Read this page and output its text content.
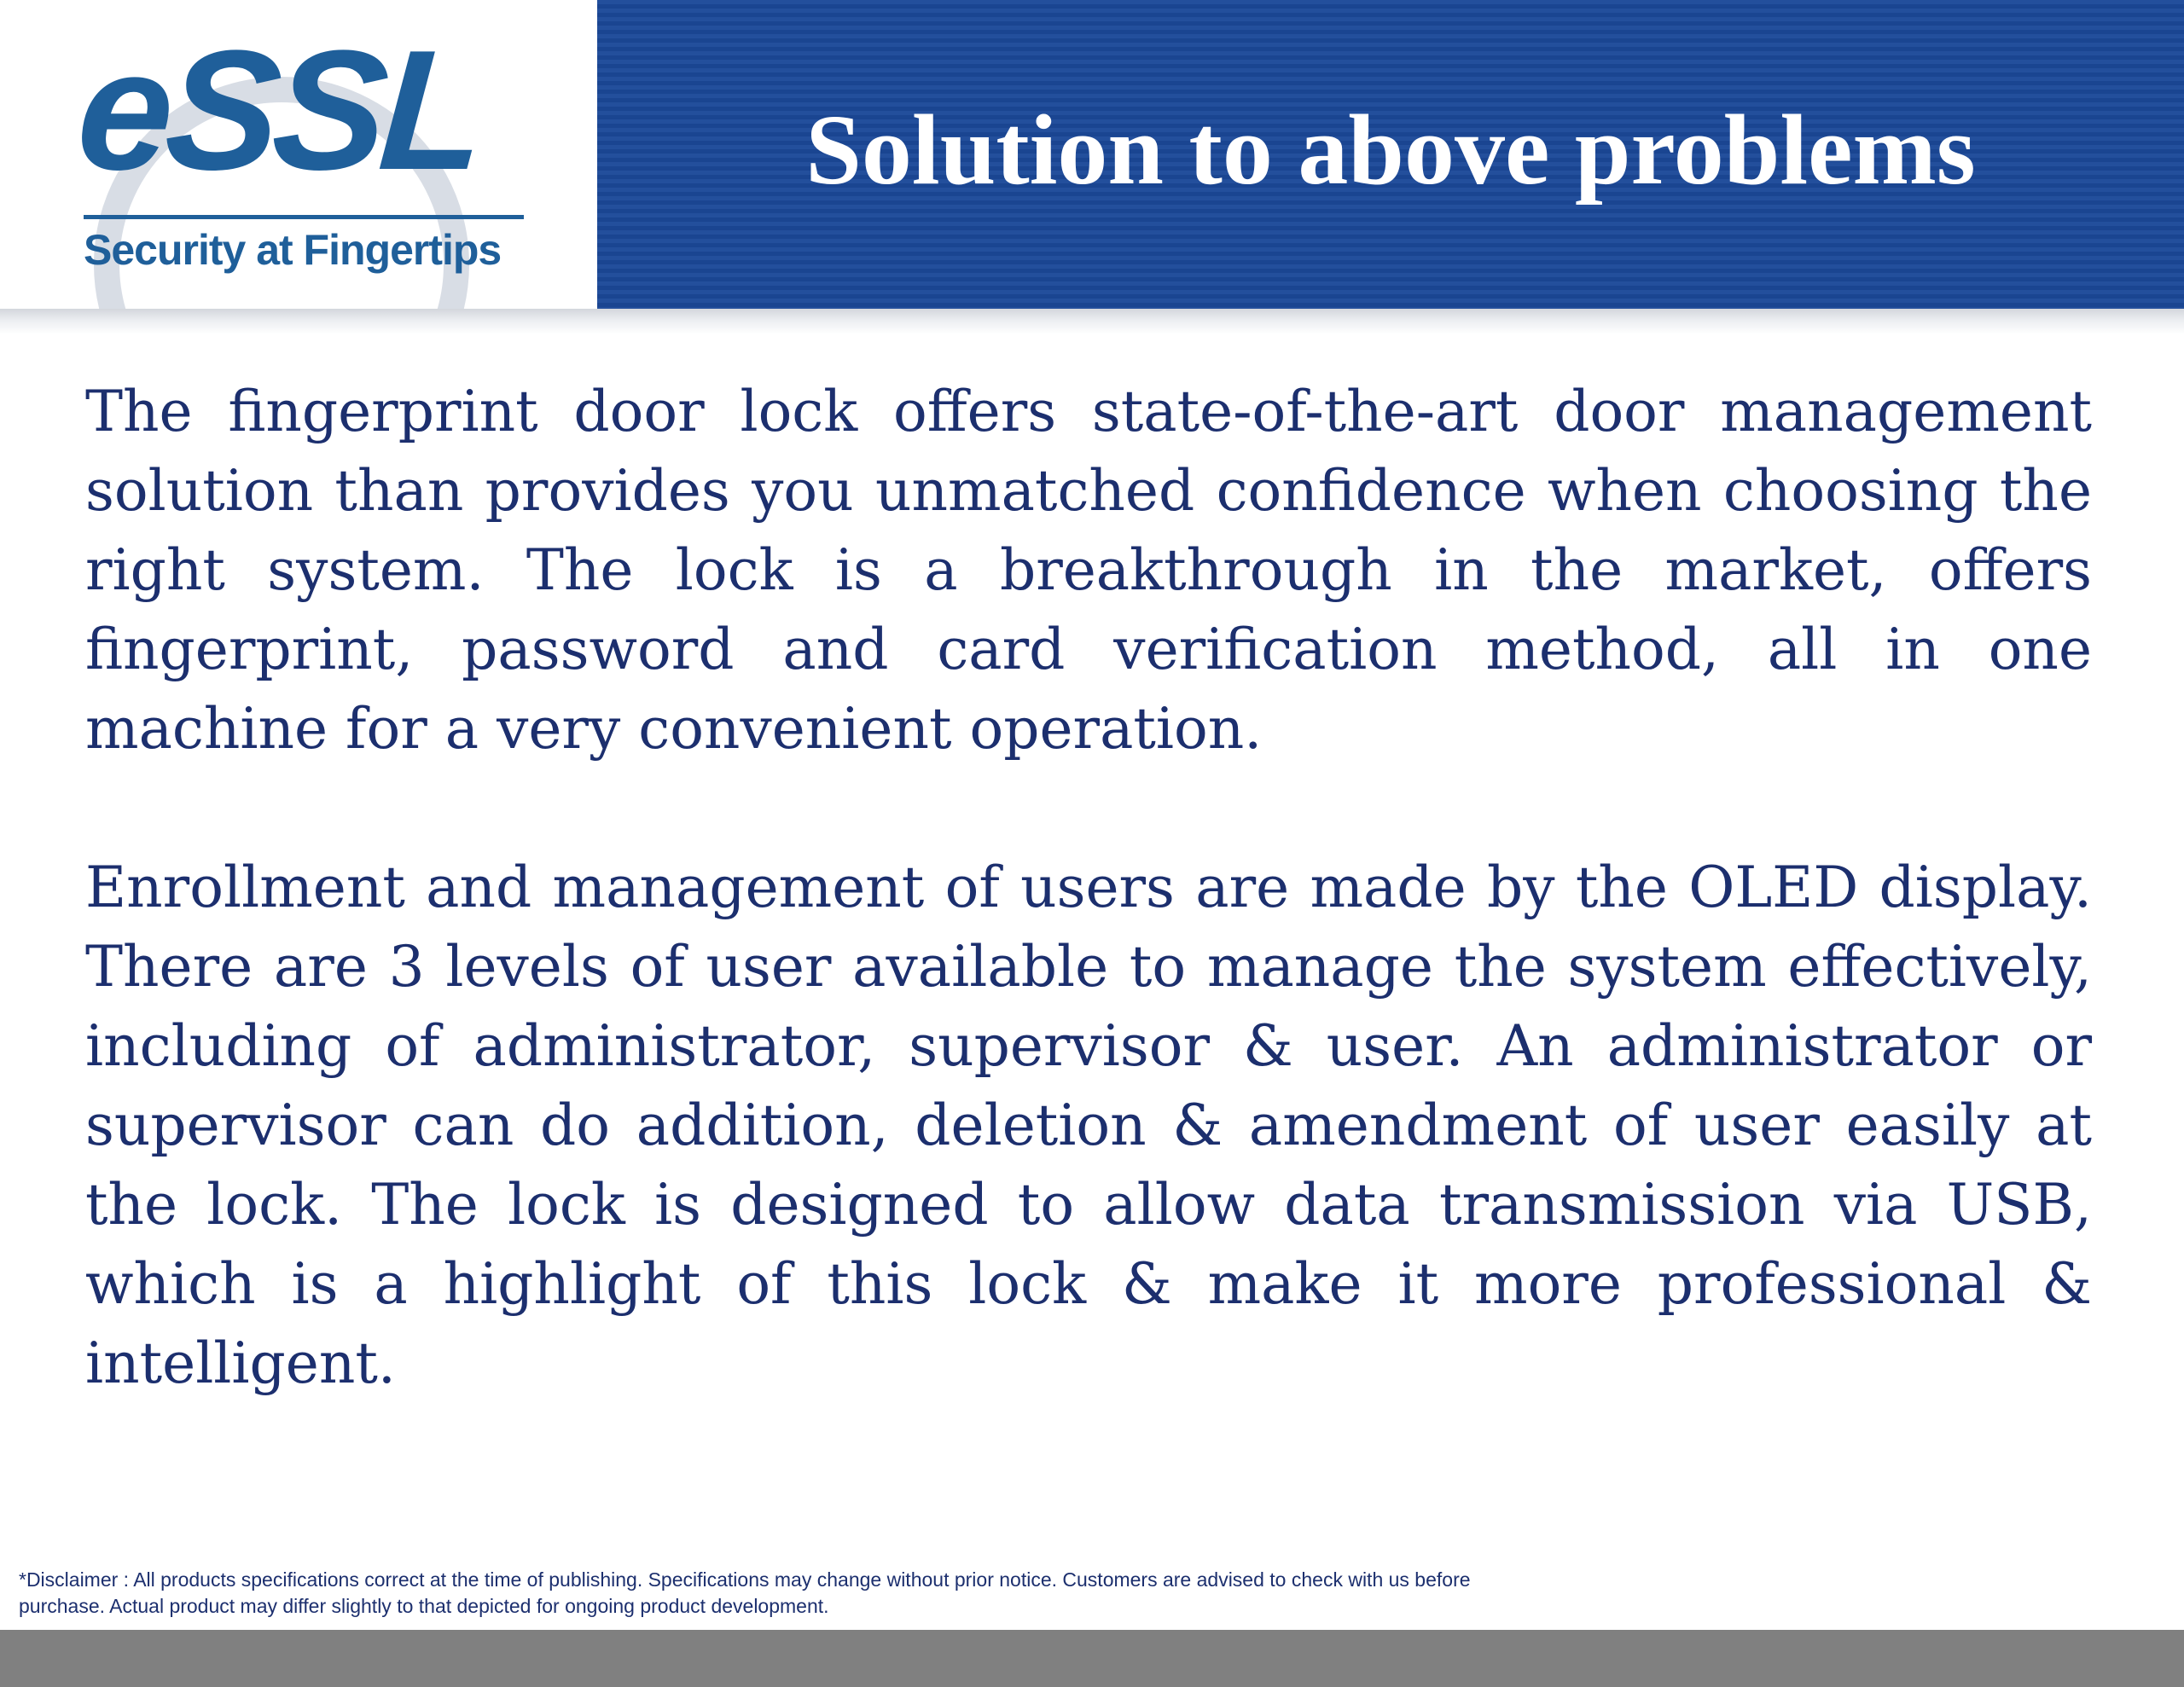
eSSL
Security at Fingertips
Solution to above problems

The fingerprint door lock offers state-of-the-art door management solution than provides you unmatched confidence when choosing the right system. The lock is a breakthrough in the market, offers fingerprint, password and card verification method, all in one machine for a very convenient operation.

Enrollment and management of users are made by the OLED display. There are 3 levels of user available to manage the system effectively, including of administrator, supervisor & user. An administrator or supervisor can do addition, deletion & amendment of user easily at the lock. The lock is designed to allow data transmission via USB, which is a highlight of this lock & make it more professional & intelligent.

*Disclaimer : All products specifications correct at the time of publishing. Specifications may change without prior notice. Customers are advised to check with us before purchase. Actual product may differ slightly to that depicted for ongoing product development.
